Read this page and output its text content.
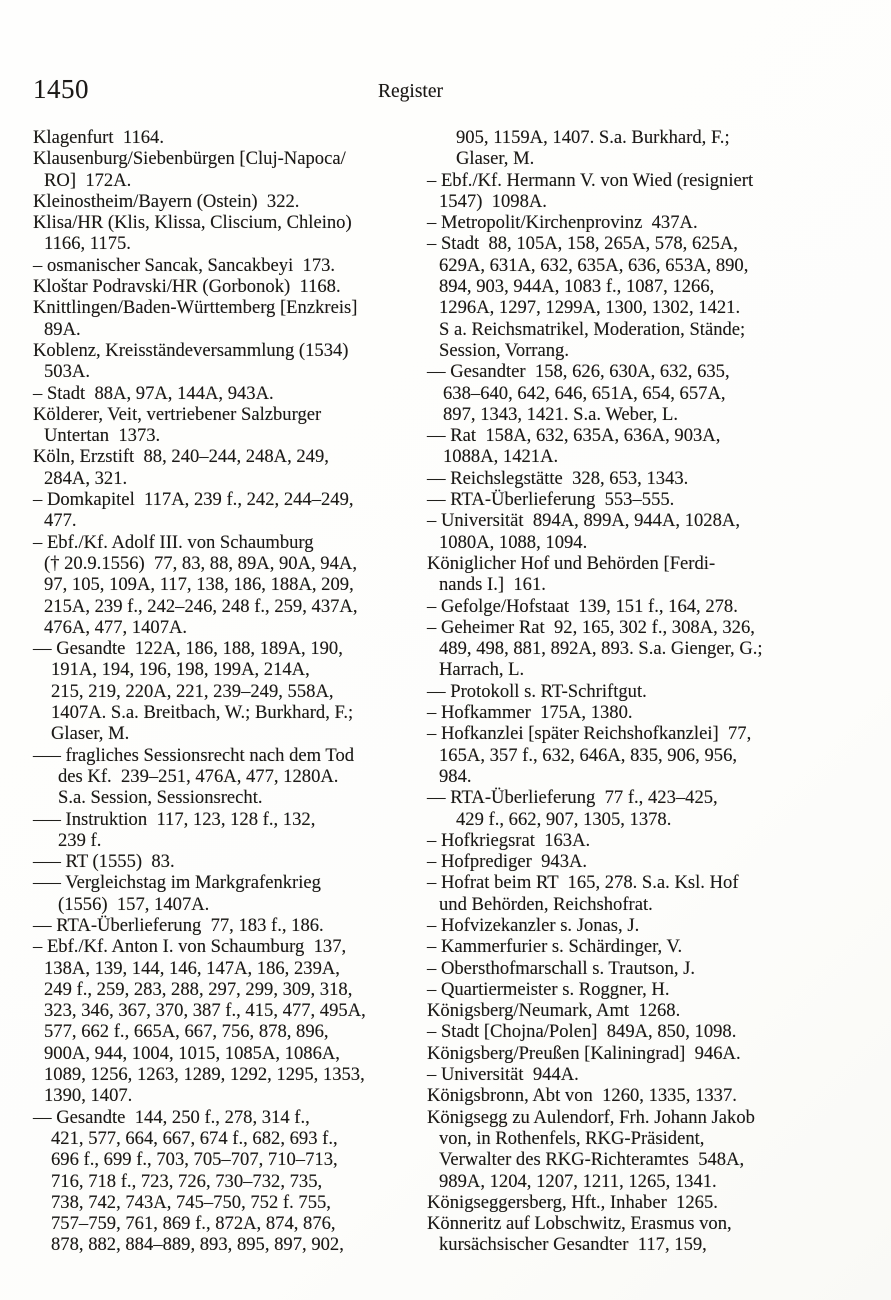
1450	Register
Klagenfurt  1164.
Klausenburg/Siebenbürgen [Cluj-Napoca/
RO]  172A.
Kleinostheim/Bayern (Ostein)  322.
Klisa/HR (Klis, Klissa, Cliscium, Chleino)
1166, 1175.
– osmanischer Sancak, Sancakbeyi  173.
Kloštar Podravski/HR (Gorbonok)  1168.
Knittlingen/Baden-Württemberg [Enzkreis]
89A.
Koblenz, Kreisständeversammlung (1534)
503A.
– Stadt  88A, 97A, 144A, 943A.
Kölderer, Veit, vertriebener Salzburger
Untertan  1373.
Köln, Erzstift  88, 240–244, 248A, 249,
284A, 321.
– Domkapitel  117A, 239 f., 242, 244–249,
477.
– Ebf./Kf. Adolf III. von Schaumburg
(† 20.9.1556)  77, 83, 88, 89A, 90A, 94A,
97, 105, 109A, 117, 138, 186, 188A, 209,
215A, 239 f., 242–246, 248 f., 259, 437A,
476A, 477, 1407A.
–– Gesandte  122A, 186, 188, 189A, 190,
191A, 194, 196, 198, 199A, 214A,
215, 219, 220A, 221, 239–249, 558A,
1407A. S.a. Breitbach, W.; Burkhard, F.;
Glaser, M.
––– fragliches Sessionsrecht nach dem Tod
des Kf.  239–251, 476A, 477, 1280A.
S.a. Session, Sessionsrecht.
––– Instruktion  117, 123, 128 f., 132,
239 f.
––– RT (1555)  83.
––– Vergleichstag im Markgrafenkrieg
(1556)  157, 1407A.
–– RTA-Überlieferung  77, 183 f., 186.
– Ebf./Kf. Anton I. von Schaumburg  137,
138A, 139, 144, 146, 147A, 186, 239A,
249 f., 259, 283, 288, 297, 299, 309, 318,
323, 346, 367, 370, 387 f., 415, 477, 495A,
577, 662 f., 665A, 667, 756, 878, 896,
900A, 944, 1004, 1015, 1085A, 1086A,
1089, 1256, 1263, 1289, 1292, 1295, 1353,
1390, 1407.
–– Gesandte  144, 250 f., 278, 314 f.,
421, 577, 664, 667, 674 f., 682, 693 f.,
696 f., 699 f., 703, 705–707, 710–713,
716, 718 f., 723, 726, 730–732, 735,
738, 742, 743A, 745–750, 752 f. 755,
757–759, 761, 869 f., 872A, 874, 876,
878, 882, 884–889, 893, 895, 897, 902,
905, 1159A, 1407. S.a. Burkhard, F.;
Glaser, M.
– Ebf./Kf. Hermann V. von Wied (resigniert
1547)  1098A.
– Metropolit/Kirchenprovinz  437A.
– Stadt  88, 105A, 158, 265A, 578, 625A,
629A, 631A, 632, 635A, 636, 653A, 890,
894, 903, 944A, 1083 f., 1087, 1266,
1296A, 1297, 1299A, 1300, 1302, 1421.
S a. Reichsmatrikel, Moderation, Stände;
Session, Vorrang.
–– Gesandter  158, 626, 630A, 632, 635,
638–640, 642, 646, 651A, 654, 657A,
897, 1343, 1421. S.a. Weber, L.
–– Rat  158A, 632, 635A, 636A, 903A,
1088A, 1421A.
–– Reichslegstätte  328, 653, 1343.
–– RTA-Überlieferung  553–555.
– Universität  894A, 899A, 944A, 1028A,
1080A, 1088, 1094.
Königlicher Hof und Behörden [Ferdi-
nands I.]  161.
– Gefolge/Hofstaat  139, 151 f., 164, 278.
– Geheimer Rat  92, 165, 302 f., 308A, 326,
489, 498, 881, 892A, 893. S.a. Gienger, G.;
Harrach, L.
–– Protokoll s. RT-Schriftgut.
– Hofkammer  175A, 1380.
– Hofkanzlei [später Reichshofkanzlei]  77,
165A, 357 f., 632, 646A, 835, 906, 956,
984.
–– RTA-Überlieferung  77 f., 423–425,
429 f., 662, 907, 1305, 1378.
– Hofkriegsrat  163A.
– Hofprediger  943A.
– Hofrat beim RT  165, 278. S.a. Ksl. Hof
und Behörden, Reichshofrat.
– Hofvizekanzler s. Jonas, J.
– Kammerfurier s. Schärdinger, V.
– Obersthofmarschall s. Trautson, J.
– Quartiermeister s. Roggner, H.
Königsberg/Neumark, Amt  1268.
– Stadt [Chojna/Polen]  849A, 850, 1098.
Königsberg/Preußen [Kaliningrad]  946A.
– Universität  944A.
Königsbronn, Abt von  1260, 1335, 1337.
Königsegg zu Aulendorf, Frh. Johann Jakob
von, in Rothenfels, RKG-Präsident,
Verwalter des RKG-Richteramtes  548A,
989A, 1204, 1207, 1211, 1265, 1341.
Königseggersberg, Hft., Inhaber  1265.
Könneritz auf Lobschwitz, Erasmus von,
kursächsischer Gesandter  117, 159,
